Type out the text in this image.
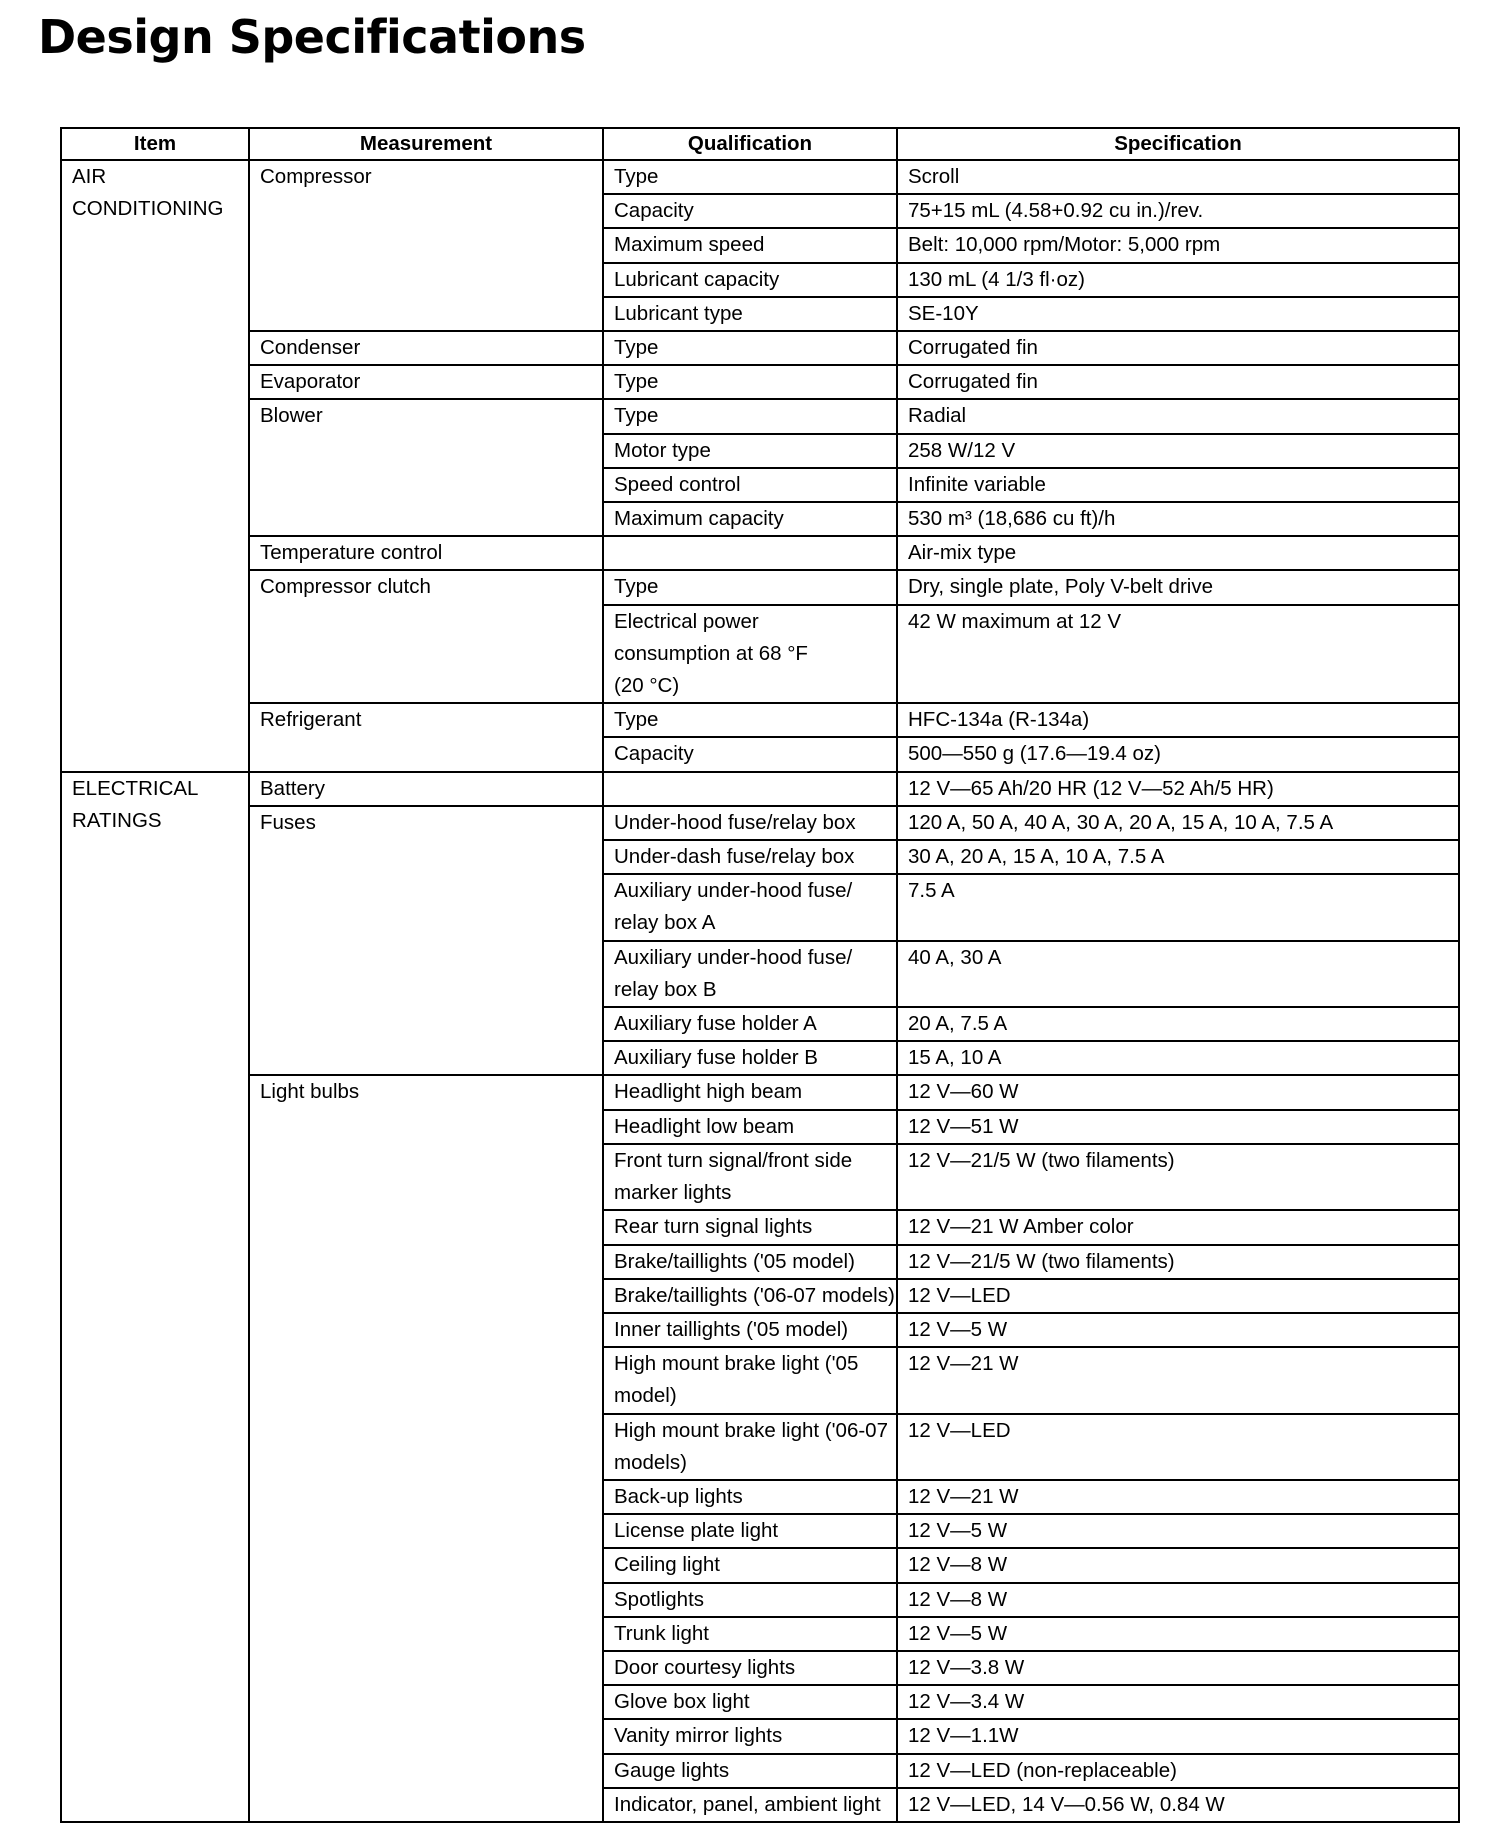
Design Specifications
Item	Measurement	Qualification	Specification
AIR CONDITIONING	Compressor	Type	Scroll
		Capacity	75+15 mL (4.58+0.92 cu in.)/rev.
		Maximum speed	Belt: 10,000 rpm/Motor: 5,000 rpm
		Lubricant capacity	130 mL (4 1/3 fl·oz)
		Lubricant type	SE-10Y
	Condenser	Type	Corrugated fin
	Evaporator	Type	Corrugated fin
	Blower	Type	Radial
		Motor type	258 W/12 V
		Speed control	Infinite variable
		Maximum capacity	530 m³ (18,686 cu ft)/h
	Temperature control		Air-mix type
	Compressor clutch	Type	Dry, single plate, Poly V-belt drive
		Electrical power consumption at 68 °F (20 °C)	42 W maximum at 12 V
	Refrigerant	Type	HFC-134a (R-134a)
		Capacity	500—550 g (17.6—19.4 oz)
ELECTRICAL RATINGS	Battery		12 V—65 Ah/20 HR (12 V—52 Ah/5 HR)
	Fuses	Under-hood fuse/relay box	120 A, 50 A, 40 A, 30 A, 20 A, 15 A, 10 A, 7.5 A
		Under-dash fuse/relay box	30 A, 20 A, 15 A, 10 A, 7.5 A
		Auxiliary under-hood fuse/ relay box A	7.5 A
		Auxiliary under-hood fuse/ relay box B	40 A, 30 A
		Auxiliary fuse holder A	20 A, 7.5 A
		Auxiliary fuse holder B	15 A, 10 A
	Light bulbs	Headlight high beam	12 V—60 W
		Headlight low beam	12 V—51 W
		Front turn signal/front side marker lights	12 V—21/5 W (two filaments)
		Rear turn signal lights	12 V—21 W Amber color
		Brake/taillights ('05 model)	12 V—21/5 W (two filaments)
		Brake/taillights ('06-07 models)	12 V—LED
		Inner taillights ('05 model)	12 V—5 W
		High mount brake light ('05 model)	12 V—21 W
		High mount brake light ('06-07 models)	12 V—LED
		Back-up lights	12 V—21 W
		License plate light	12 V—5 W
		Ceiling light	12 V—8 W
		Spotlights	12 V—8 W
		Trunk light	12 V—5 W
		Door courtesy lights	12 V—3.8 W
		Glove box light	12 V—3.4 W
		Vanity mirror lights	12 V—1.1W
		Gauge lights	12 V—LED (non-replaceable)
		Indicator, panel, ambient light	12 V—LED, 14 V—0.56 W, 0.84 W
